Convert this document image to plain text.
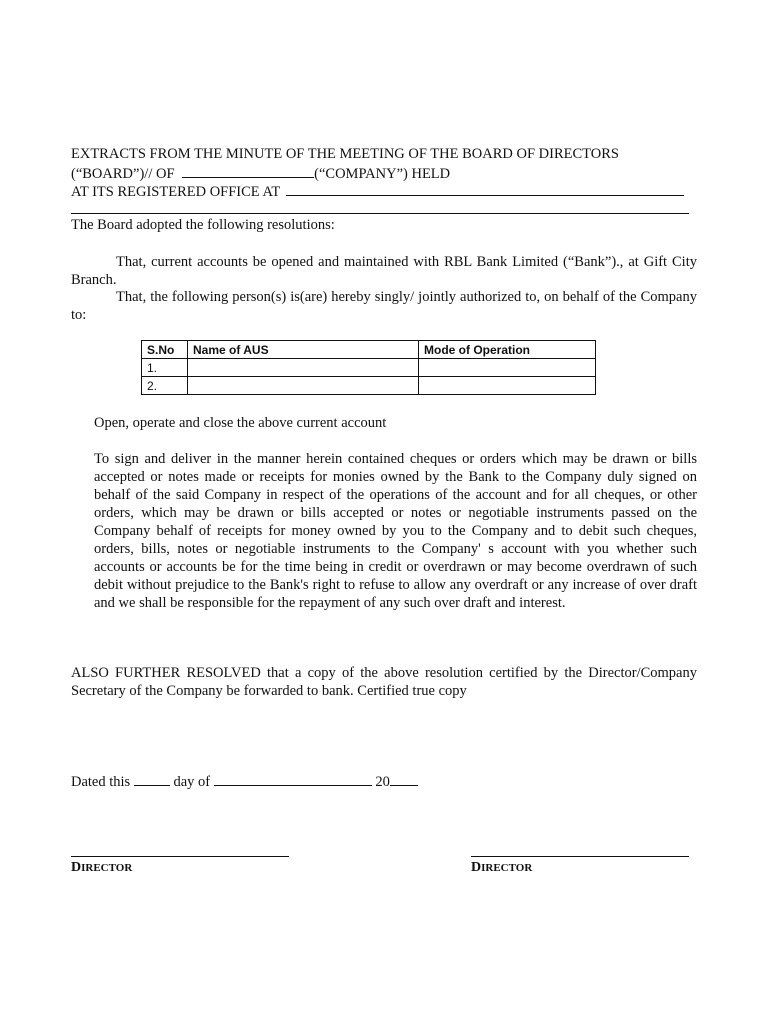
EXTRACTS FROM THE MINUTE OF THE MEETING OF THE BOARD OF DIRECTORS
(“BOARD”)// OF	(“COMPANY”) HELD
AT ITS REGISTERED OFFICE AT
The Board adopted the following resolutions:
That, current accounts be opened and maintained with RBL Bank Limited (“Bank”)., at Gift City Branch.
That, the following person(s) is(are) hereby singly/ jointly authorized to, on behalf of the Company to:
S.No	Name of AUS	Mode of Operation
1.		
2.		
Open, operate and close the above current account
To sign and deliver in the manner herein contained cheques or orders which may be drawn or bills accepted or notes made or receipts for monies owned by the Bank to the Company duly signed on behalf of the said Company in respect of the operations of the account and for all cheques, or other orders, which may be drawn or bills accepted or notes or negotiable instruments passed on the Company behalf of receipts for money owned by you to the Company and to debit such cheques, orders, bills, notes or negotiable instruments to the Company' s account with you whether such accounts or accounts be for the time being in credit or overdrawn or may become overdrawn of such debit without prejudice to the Bank's right to refuse to allow any overdraft or any increase of over draft and we shall be responsible for the repayment of any such over draft and interest.
ALSO FURTHER RESOLVED that a copy of the above resolution certified by the Director/Company Secretary of the Company be forwarded to bank. Certified true copy
Dated this	day of	20
DIRECTOR	DIRECTOR
